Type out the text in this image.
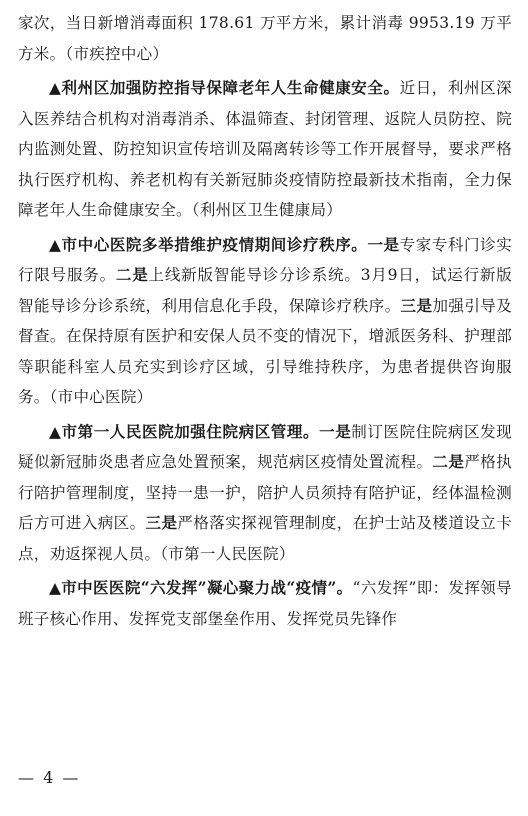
家次，当日新增消毒面积 178.61 万平方米，累计消毒 9953.19 万平方米。（市疾控中心）

▲利州区加强防控指导保障老年人生命健康安全。近日，利州区深入医养结合机构对消毒消杀、体温筛查、封闭管理、返院人员防控、院内监测处置、防控知识宣传培训及隔离转诊等工作开展督导，要求严格执行医疗机构、养老机构有关新冠肺炎疫情防控最新技术指南，全力保障老年人生命健康安全。（利州区卫生健康局）

▲市中心医院多举措维护疫情期间诊疗秩序。一是专家专科门诊实行限号服务。二是上线新版智能导诊分诊系统。3月9日，试运行新版智能导诊分诊系统，利用信息化手段，保障诊疗秩序。三是加强引导及督查。在保持原有医护和安保人员不变的情况下，增派医务科、护理部等职能科室人员充实到诊疗区域，引导维持秩序，为患者提供咨询服务。（市中心医院）

▲市第一人民医院加强住院病区管理。一是制订医院住院病区发现疑似新冠肺炎患者应急处置预案，规范病区疫情处置流程。二是严格执行陪护管理制度，坚持一患一护，陪护人员须持有陪护证，经体温检测后方可进入病区。三是严格落实探视管理制度，在护士站及楼道设立卡点，劝返探视人员。（市第一人民医院）

▲市中医医院“六发挥”凝心聚力战“疫情”。“六发挥”即：发挥领导班子核心作用、发挥党支部堡垒作用、发挥党员先锋作

— 4 —
